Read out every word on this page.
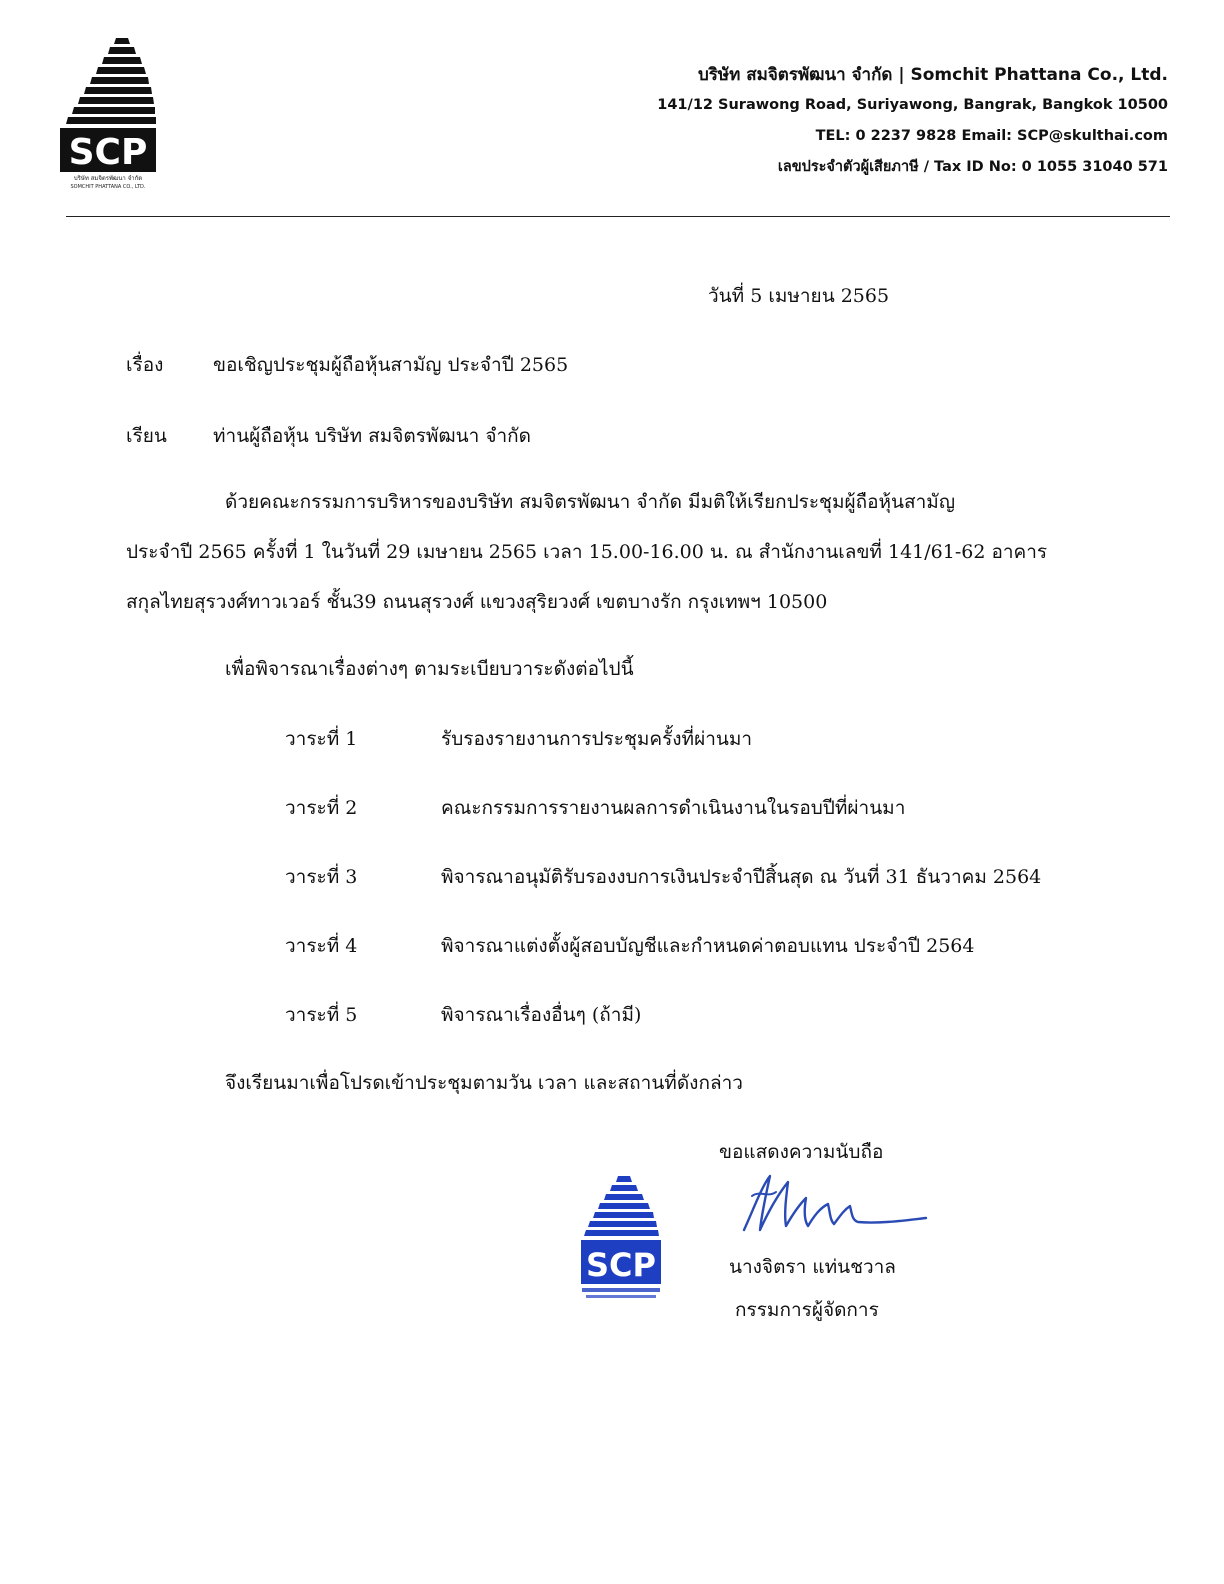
SCP
บริษัท สมจิตรพัฒนา จำกัด
SOMCHIT PHATTANA CO., LTD.
บริษัท สมจิตรพัฒนา จำกัด | Somchit Phattana Co., Ltd.
141/12 Surawong Road, Suriyawong, Bangrak, Bangkok 10500
TEL: 0 2237 9828 Email: SCP@skulthai.com
เลขประจำตัวผู้เสียภาษี / Tax ID No: 0 1055 31040 571
วันที่ 5 เมษายน 2565
เรื่อง	ขอเชิญประชุมผู้ถือหุ้นสามัญ ประจำปี 2565
เรียน ท่านผู้ถือหุ้น บริษัท สมจิตรพัฒนา จำกัด
ด้วยคณะกรรมการบริหารของบริษัท สมจิตรพัฒนา จำกัด มีมติให้เรียกประชุมผู้ถือหุ้นสามัญ
ประจำปี 2565 ครั้งที่ 1 ในวันที่ 29 เมษายน 2565 เวลา 15.00-16.00 น. ณ สำนักงานเลขที่ 141/61-62 อาคาร
สกุลไทยสุรวงศ์ทาวเวอร์ ชั้น39 ถนนสุรวงศ์ แขวงสุริยวงศ์ เขตบางรัก กรุงเทพฯ 10500
เพื่อพิจารณาเรื่องต่างๆ ตามระเบียบวาระดังต่อไปนี้
วาระที่ 1	รับรองรายงานการประชุมครั้งที่ผ่านมา
วาระที่ 2	คณะกรรมการรายงานผลการดำเนินงานในรอบปีที่ผ่านมา
วาระที่ 3	พิจารณาอนุมัติรับรองงบการเงินประจำปีสิ้นสุด ณ วันที่ 31 ธันวาคม 2564
วาระที่ 4	พิจารณาแต่งตั้งผู้สอบบัญชีและกำหนดค่าตอบแทน ประจำปี 2564
วาระที่ 5	พิจารณาเรื่องอื่นๆ (ถ้ามี)
จึงเรียนมาเพื่อโปรดเข้าประชุมตามวัน เวลา และสถานที่ดังกล่าว
ขอแสดงความนับถือ
SCP	นางจิตรา แท่นชวาล
กรรมการผู้จัดการ
